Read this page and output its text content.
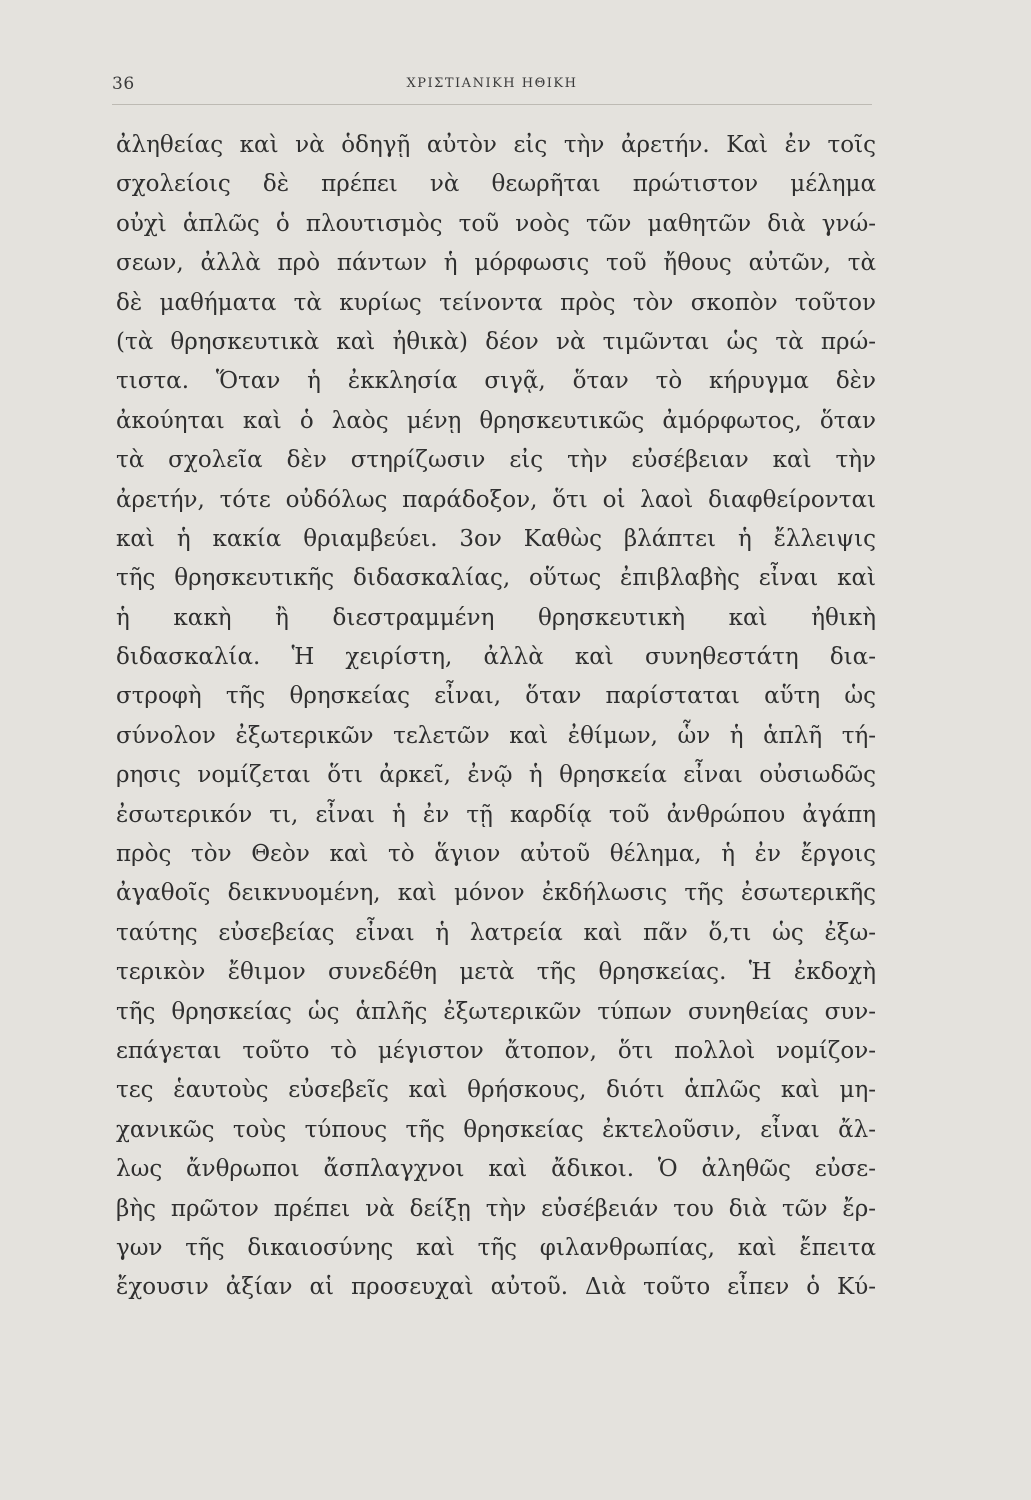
36	ΧΡΙΣΤΙΑΝΙΚΗ ΗΘΙΚΗ
ἀληθείας καὶ νὰ ὁδηγῇ αὐτὸν εἰς τὴν ἀρετήν. Καὶ ἐν τοῖς
σχολείοις δὲ πρέπει νὰ θεωρῆται πρώτιστον μέλημα
οὐχὶ ἁπλῶς ὁ πλουτισμὸς τοῦ νοὸς τῶν μαθητῶν διὰ γνώ-
σεων, ἀλλὰ πρὸ πάντων ἡ μόρφωσις τοῦ ἤθους αὐτῶν, τὰ
δὲ μαθήματα τὰ κυρίως τείνοντα πρὸς τὸν σκοπὸν τοῦτον
(τὰ θρησκευτικὰ καὶ ἠθικὰ) δέον νὰ τιμῶνται ὡς τὰ πρώ-
τιστα. Ὅταν ἡ ἐκκλησία σιγᾷ, ὅταν τὸ κήρυγμα δὲν
ἀκούηται καὶ ὁ λαὸς μένῃ θρησκευτικῶς ἀμόρφωτος, ὅταν
τὰ σχολεῖα δὲν στηρίζωσιν εἰς τὴν εὐσέβειαν καὶ τὴν
ἀρετήν, τότε οὐδόλως παράδοξον, ὅτι οἱ λαοὶ διαφθείρονται
καὶ ἡ κακία θριαμβεύει. 3ον Καθὼς βλάπτει ἡ ἔλλειψις
τῆς θρησκευτικῆς διδασκαλίας, οὕτως ἐπιβλαβὴς εἶναι καὶ
ἡ κακὴ ἢ διεστραμμένη θρησκευτικὴ καὶ ἠθικὴ
διδασκαλία. Ἡ χειρίστη, ἀλλὰ καὶ συνηθεστάτη δια-
στροφὴ τῆς θρησκείας εἶναι, ὅταν παρίσταται αὕτη ὡς
σύνολον ἐξωτερικῶν τελετῶν καὶ ἐθίμων, ὧν ἡ ἁπλῆ τή-
ρησις νομίζεται ὅτι ἀρκεῖ, ἐνῷ ἡ θρησκεία εἶναι οὐσιωδῶς
ἐσωτερικόν τι, εἶναι ἡ ἐν τῇ καρδίᾳ τοῦ ἀνθρώπου ἀγάπη
πρὸς τὸν Θεὸν καὶ τὸ ἅγιον αὐτοῦ θέλημα, ἡ ἐν ἔργοις
ἀγαθοῖς δεικνυομένη, καὶ μόνον ἐκδήλωσις τῆς ἐσωτερικῆς
ταύτης εὐσεβείας εἶναι ἡ λατρεία καὶ πᾶν ὅ,τι ὡς ἐξω-
τερικὸν ἔθιμον συνεδέθη μετὰ τῆς θρησκείας. Ἡ ἐκδοχὴ
τῆς θρησκείας ὡς ἁπλῆς ἐξωτερικῶν τύπων συνηθείας συν-
επάγεται τοῦτο τὸ μέγιστον ἄτοπον, ὅτι πολλοὶ νομίζον-
τες ἑαυτοὺς εὐσεβεῖς καὶ θρήσκους, διότι ἁπλῶς καὶ μη-
χανικῶς τοὺς τύπους τῆς θρησκείας ἐκτελοῦσιν, εἶναι ἄλ-
λως ἄνθρωποι ἄσπλαγχνοι καὶ ἄδικοι. Ὁ ἀληθῶς εὐσε-
βὴς πρῶτον πρέπει νὰ δείξῃ τὴν εὐσέβειάν του διὰ τῶν ἔρ-
γων τῆς δικαιοσύνης καὶ τῆς φιλανθρωπίας, καὶ ἔπειτα
ἔχουσιν ἀξίαν αἱ προσευχαὶ αὐτοῦ. Διὰ τοῦτο εἶπεν ὁ Κύ-
